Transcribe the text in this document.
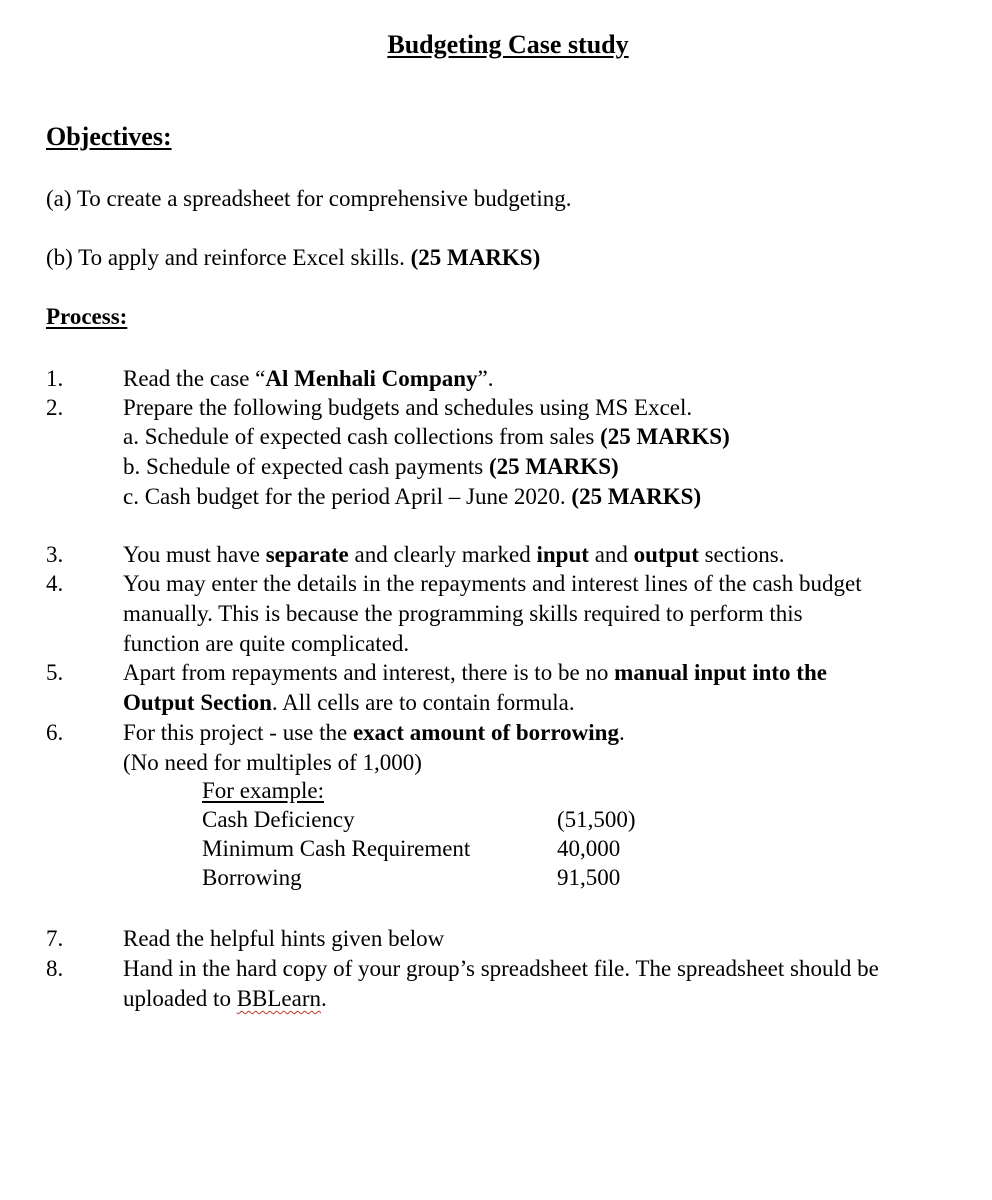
Budgeting Case study
Objectives:

(a) To create a spreadsheet for comprehensive budgeting.

(b) To apply and reinforce Excel skills. (25 MARKS)

Process:
1.	Read the case “Al Menhali Company”.
2.	Prepare the following budgets and schedules using MS Excel.
a. Schedule of expected cash collections from sales (25 MARKS)
b. Schedule of expected cash payments (25 MARKS)
c. Cash budget for the period April – June 2020. (25 MARKS)
3.	You must have separate and clearly marked input and output sections.
4.	You may enter the details in the repayments and interest lines of the cash budget
manually. This is because the programming skills required to perform this
function are quite complicated.
5.	Apart from repayments and interest, there is to be no manual input into the
Output Section. All cells are to contain formula.
6.	For this project - use the exact amount of borrowing.
(No need for multiples of 1,000)
For example:
Cash Deficiency	(51,500)
Minimum Cash Requirement	40,000
Borrowing	91,500
7.	Read the helpful hints given below
8.	Hand in the hard copy of your group’s spreadsheet file. The spreadsheet should be
uploaded to BBLearn.
